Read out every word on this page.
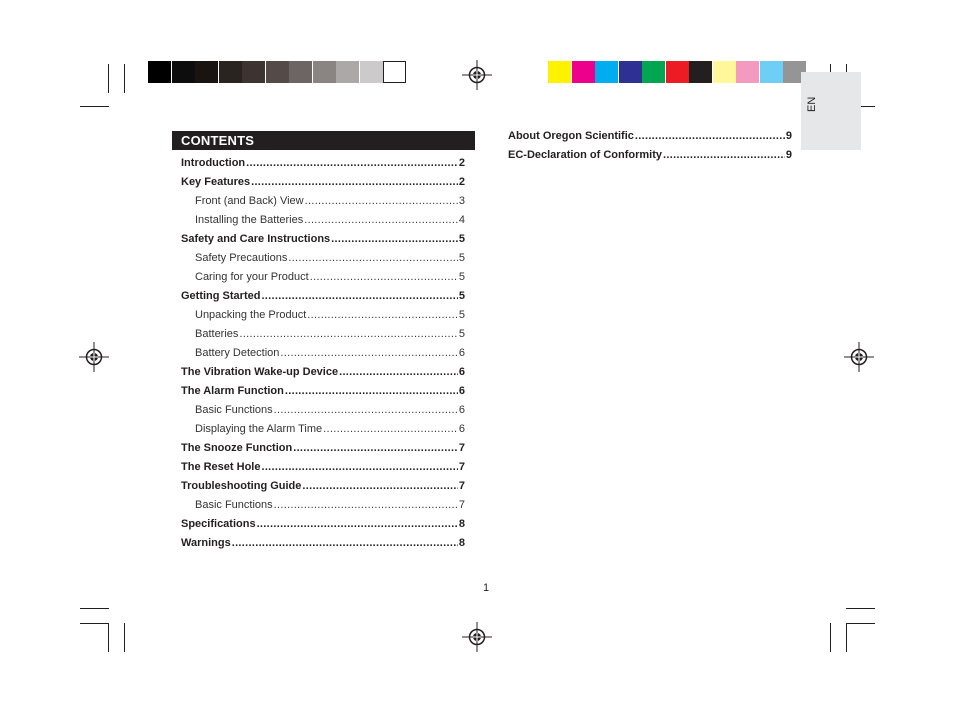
EN
CONTENTS
Introduction .....	2
Key Features .....	2
Front (and Back) View .....	3
Installing the Batteries .....	4
Safety and Care Instructions .....	5
Safety Precautions .....	5
Caring for your Product .....	5
Getting Started .....	5
Unpacking the Product .....	5
Batteries .....	5
Battery Detection .....	6
The Vibration Wake-up Device .....	6
The Alarm Function .....	6
Basic Functions .....	6
Displaying the Alarm Time .....	6
The Snooze Function .....	7
The Reset Hole .....	7
Troubleshooting Guide .....	7
Basic Functions .....	7
Specifications .....	8
Warnings .....	8
About Oregon Scientific .....	9
EC-Declaration of Conformity .....	9
1
